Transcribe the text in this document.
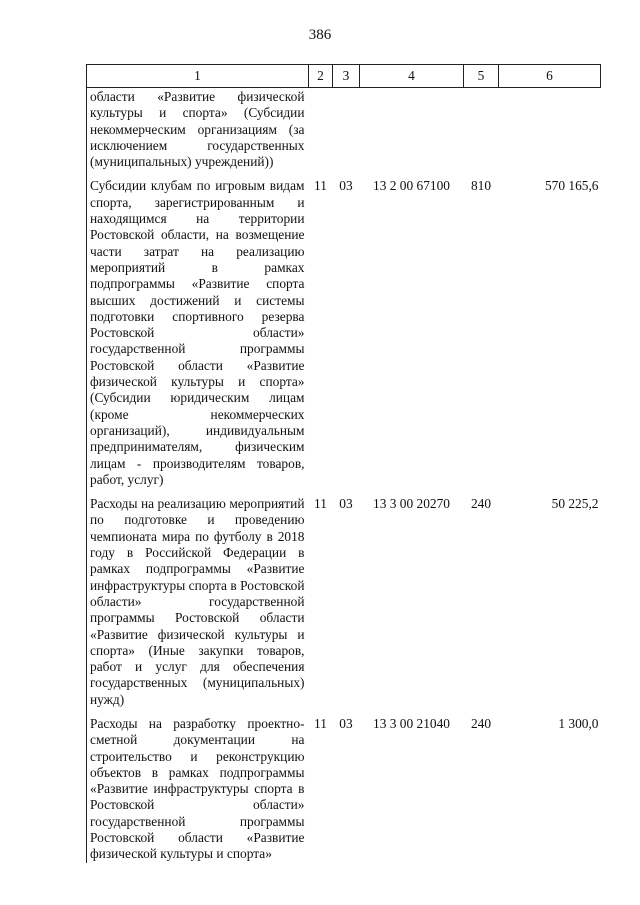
386
1	2	3	4	5	6
области «Развитие физической культуры и спорта» (Субсидии некоммерческим организациям (за исключением государственных (муниципальных) учреждений))					

Субсидии клубам по игровым видам спорта, зарегистрированным и находящимся на территории Ростовской области, на возмещение части затрат на реализацию мероприятий в рамках подпрограммы «Развитие спорта высших достижений и системы подготовки спортивного резерва Ростовской области» государственной программы Ростовской области «Развитие физической культуры и спорта» (Субсидии юридическим лицам (кроме некоммерческих организаций), индивидуальным предпринимателям, физическим лицам - производителям товаров, работ, услуг)	11	03	13 2 00 67100	810	570 165,6

Расходы на реализацию мероприятий по подготовке и проведению чемпионата мира по футболу в 2018 году в Российской Федерации в рамках подпрограммы «Развитие инфраструктуры спорта в Ростовской области» государственной программы Ростовской области «Развитие физической культуры и спорта» (Иные закупки товаров, работ и услуг для обеспечения государственных (муниципальных) нужд)	11	03	13 3 00 20270	240	50 225,2

Расходы на разработку проектно-сметной документации на строительство и реконструкцию объектов в рамках подпрограммы «Развитие инфраструктуры спорта в Ростовской области» государственной программы Ростовской области «Развитие физической культуры и спорта»	11	03	13 3 00 21040	240	1 300,0
